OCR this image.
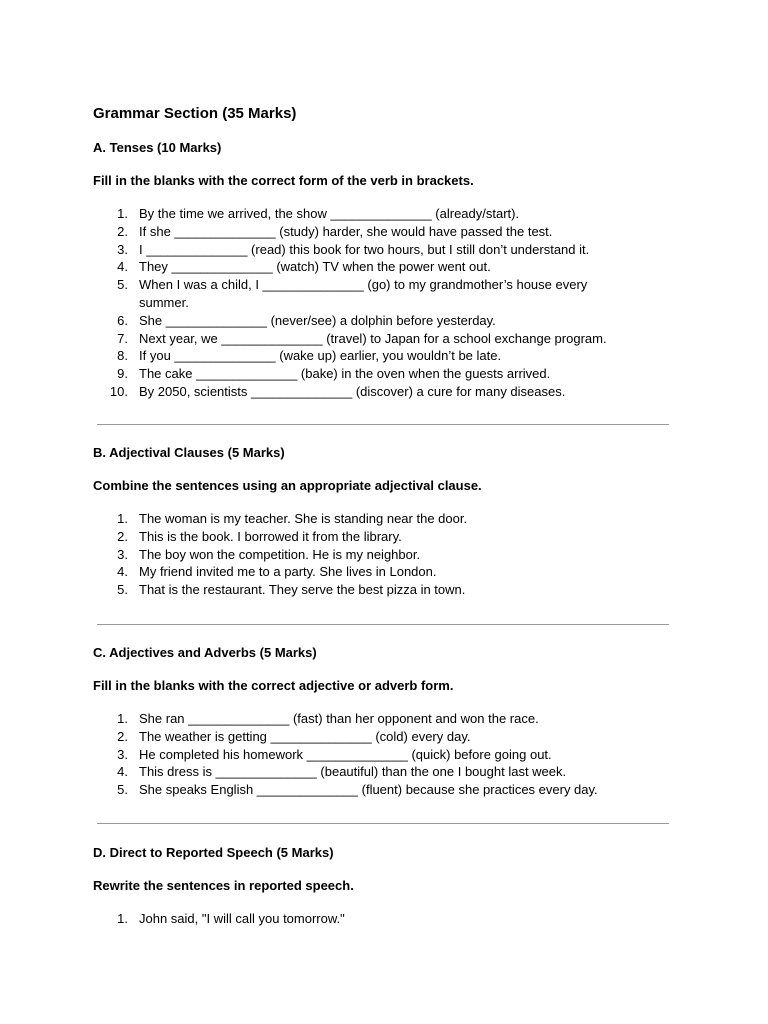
Grammar Section (35 Marks)

A. Tenses (10 Marks)

Fill in the blanks with the correct form of the verb in brackets.

1. By the time we arrived, the show ______________ (already/start).
2. If she ______________ (study) harder, she would have passed the test.
3. I ______________ (read) this book for two hours, but I still don’t understand it.
4. They ______________ (watch) TV when the power went out.
5. When I was a child, I ______________ (go) to my grandmother’s house every summer.
6. She ______________ (never/see) a dolphin before yesterday.
7. Next year, we ______________ (travel) to Japan for a school exchange program.
8. If you ______________ (wake up) earlier, you wouldn’t be late.
9. The cake ______________ (bake) in the oven when the guests arrived.
10. By 2050, scientists ______________ (discover) a cure for many diseases.

B. Adjectival Clauses (5 Marks)

Combine the sentences using an appropriate adjectival clause.

1. The woman is my teacher. She is standing near the door.
2. This is the book. I borrowed it from the library.
3. The boy won the competition. He is my neighbor.
4. My friend invited me to a party. She lives in London.
5. That is the restaurant. They serve the best pizza in town.

C. Adjectives and Adverbs (5 Marks)

Fill in the blanks with the correct adjective or adverb form.

1. She ran ______________ (fast) than her opponent and won the race.
2. The weather is getting ______________ (cold) every day.
3. He completed his homework ______________ (quick) before going out.
4. This dress is ______________ (beautiful) than the one I bought last week.
5. She speaks English ______________ (fluent) because she practices every day.

D. Direct to Reported Speech (5 Marks)

Rewrite the sentences in reported speech.

1. John said, "I will call you tomorrow."
